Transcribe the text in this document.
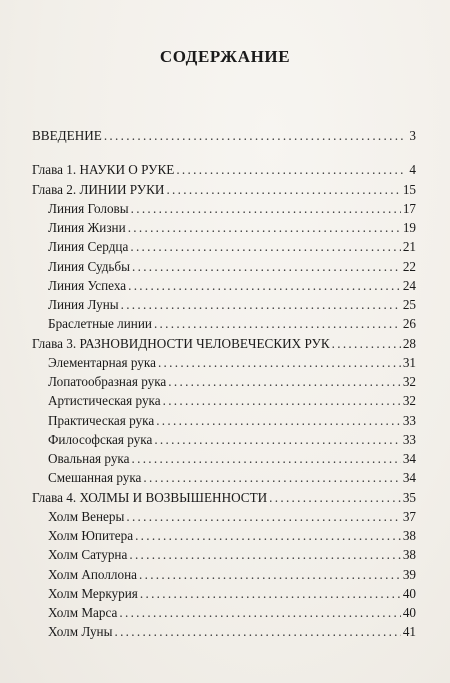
СОДЕРЖАНИЕ
ВВЕДЕНИЕ . . .	3
Глава 1. НАУКИ О РУКЕ . . .	4
Глава 2. ЛИНИИ РУКИ . . .	15
Линия Головы . . .	17
Линия Жизни . . .	19
Линия Сердца . . .	21
Линия Судьбы . . .	22
Линия Успеха . . .	24
Линия Луны . . .	25
Браслетные линии . . .	26
Глава 3. РАЗНОВИДНОСТИ ЧЕЛОВЕЧЕСКИХ РУК . . .	28
Элементарная рука . . .	31
Лопатообразная рука . . .	32
Артистическая рука . . .	32
Практическая рука . . .	33
Философская рука . . .	33
Овальная рука . . .	34
Смешанная рука . . .	34
Глава 4. ХОЛМЫ И ВОЗВЫШЕННОСТИ . . .	35
Холм Венеры . . .	37
Холм Юпитера . . .	38
Холм Сатурна . . .	38
Холм Аполлона . . .	39
Холм Меркурия . . .	40
Холм Марса . . .	40
Холм Луны . . .	41
